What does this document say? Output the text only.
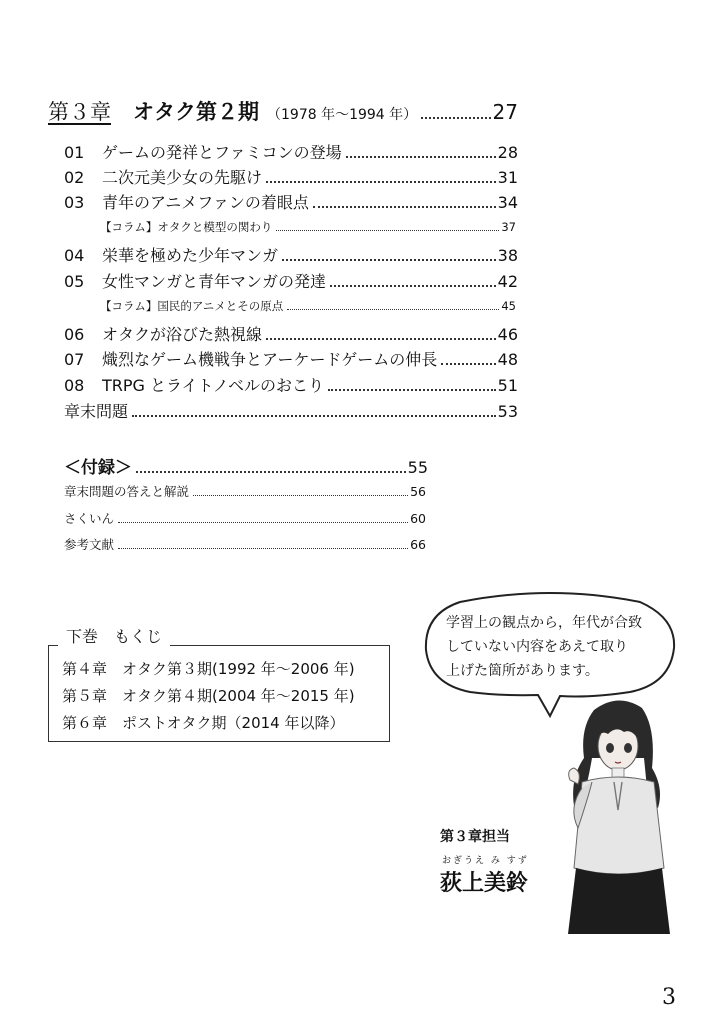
第３章 オタク第２期 （1978 年〜1994 年）	27
01	ゲームの発祥とファミコンの登場	28
02	二次元美少女の先駆け	31
03	青年のアニメファンの着眼点	34
【コラム】オタクと模型の関わり	37
04	栄華を極めた少年マンガ	38
05	女性マンガと青年マンガの発達	42
【コラム】国民的アニメとその原点	45
06	オタクが浴びた熱視線	46
07	熾烈なゲーム機戦争とアーケードゲームの伸長	48
08	TRPG とライトノベルのおこり	51
章末問題	53
＜付録＞	55
章末問題の答えと解説	56
さくいん	60
参考文献	66
下巻　もくじ
第４章　オタク第３期(1992 年〜2006 年)
第５章　オタク第４期(2004 年〜2015 年)
第６章　ポストオタク期（2014 年以降）
学習上の観点から，年代が合致
していない内容をあえて取り
上げた箇所があります。
第３章担当
おぎうえ み すず
荻上美鈴
3
